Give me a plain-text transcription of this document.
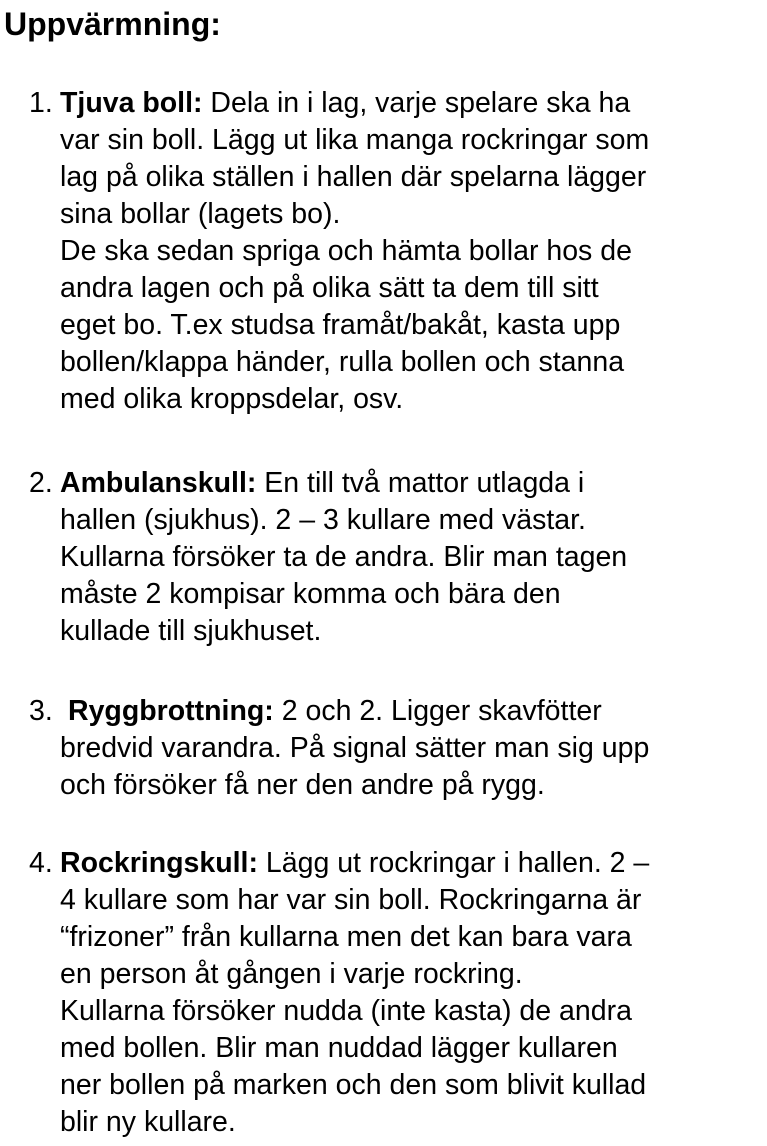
Uppvärmning:
1. Tjuva boll: Dela in i lag, varje spelare ska ha
var sin boll. Lägg ut lika manga rockringar som
lag på olika ställen i hallen där spelarna lägger
sina bollar (lagets bo).
De ska sedan spriga och hämta bollar hos de
andra lagen och på olika sätt ta dem till sitt
eget bo. T.ex studsa framåt/bakåt, kasta upp
bollen/klappa händer, rulla bollen och stanna
med olika kroppsdelar, osv.
2. Ambulanskull: En till två mattor utlagda i
hallen (sjukhus). 2 – 3 kullare med västar.
Kullarna försöker ta de andra. Blir man tagen
måste 2 kompisar komma och bära den
kullade till sjukhuset.
3. Ryggbrottning: 2 och 2. Ligger skavfötter
bredvid varandra. På signal sätter man sig upp
och försöker få ner den andre på rygg.
4. Rockringskull: Lägg ut rockringar i hallen. 2 –
4 kullare som har var sin boll. Rockringarna är
“frizoner” från kullarna men det kan bara vara
en person åt gången i varje rockring.
Kullarna försöker nudda (inte kasta) de andra
med bollen. Blir man nuddad lägger kullaren
ner bollen på marken och den som blivit kullad
blir ny kullare.
